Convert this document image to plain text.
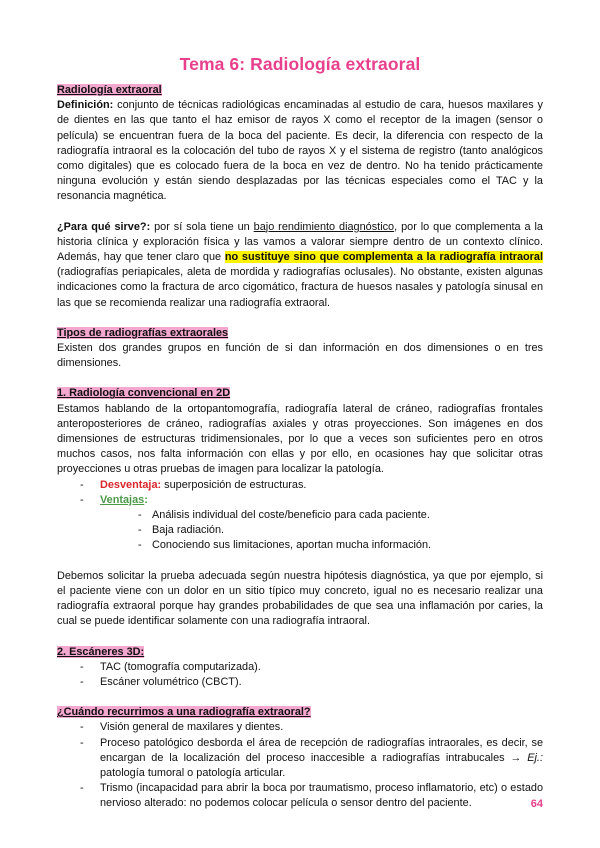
Tema 6: Radiología extraoral

Radiología extraoral

Definición: conjunto de técnicas radiológicas encaminadas al estudio de cara, huesos maxilares y de dientes en las que tanto el haz emisor de rayos X como el receptor de la imagen (sensor o película) se encuentran fuera de la boca del paciente. Es decir, la diferencia con respecto de la radiografía intraoral es la colocación del tubo de rayos X y el sistema de registro (tanto analógicos como digitales) que es colocado fuera de la boca en vez de dentro. No ha tenido prácticamente ninguna evolución y están siendo desplazadas por las técnicas especiales como el TAC y la resonancia magnética.

¿Para qué sirve?: por sí sola tiene un bajo rendimiento diagnóstico, por lo que complementa a la historia clínica y exploración física y las vamos a valorar siempre dentro de un contexto clínico. Además, hay que tener claro que no sustituye sino que complementa a la radiografía intraoral (radiografías periapicales, aleta de mordida y radiografías oclusales). No obstante, existen algunas indicaciones como la fractura de arco cigomático, fractura de huesos nasales y patología sinusal en las que se recomienda realizar una radiografía extraoral.

Tipos de radiografías extraorales

Existen dos grandes grupos en función de si dan información en dos dimensiones o en tres dimensiones.

1. Radiología convencional en 2D

Estamos hablando de la ortopantomografía, radiografía lateral de cráneo, radiografías frontales anteroposteriores de cráneo, radiografías axiales y otras proyecciones. Son imágenes en dos dimensiones de estructuras tridimensionales, por lo que a veces son suficientes pero en otros muchos casos, nos falta información con ellas y por ello, en ocasiones hay que solicitar otras proyecciones u otras pruebas de imagen para localizar la patología.

- Desventaja: superposición de estructuras.
- Ventajas:
- Análisis individual del coste/beneficio para cada paciente.
- Baja radiación.
- Conociendo sus limitaciones, aportan mucha información.

Debemos solicitar la prueba adecuada según nuestra hipótesis diagnóstica, ya que por ejemplo, si el paciente viene con un dolor en un sitio típico muy concreto, igual no es necesario realizar una radiografía extraoral porque hay grandes probabilidades de que sea una inflamación por caries, la cual se puede identificar solamente con una radiografía intraoral.

2. Escáneres 3D:

- TAC (tomografía computarizada).
- Escáner volumétrico (CBCT).

¿Cuándo recurrimos a una radiografía extraoral?

- Visión general de maxilares y dientes.
- Proceso patológico desborda el área de recepción de radiografías intraorales, es decir, se encargan de la localización del proceso inaccesible a radiografías intrabucales → Ej.: patología tumoral o patología articular.
- Trismo (incapacidad para abrir la boca por traumatismo, proceso inflamatorio, etc) o estado nervioso alterado: no podemos colocar película o sensor dentro del paciente.	64
